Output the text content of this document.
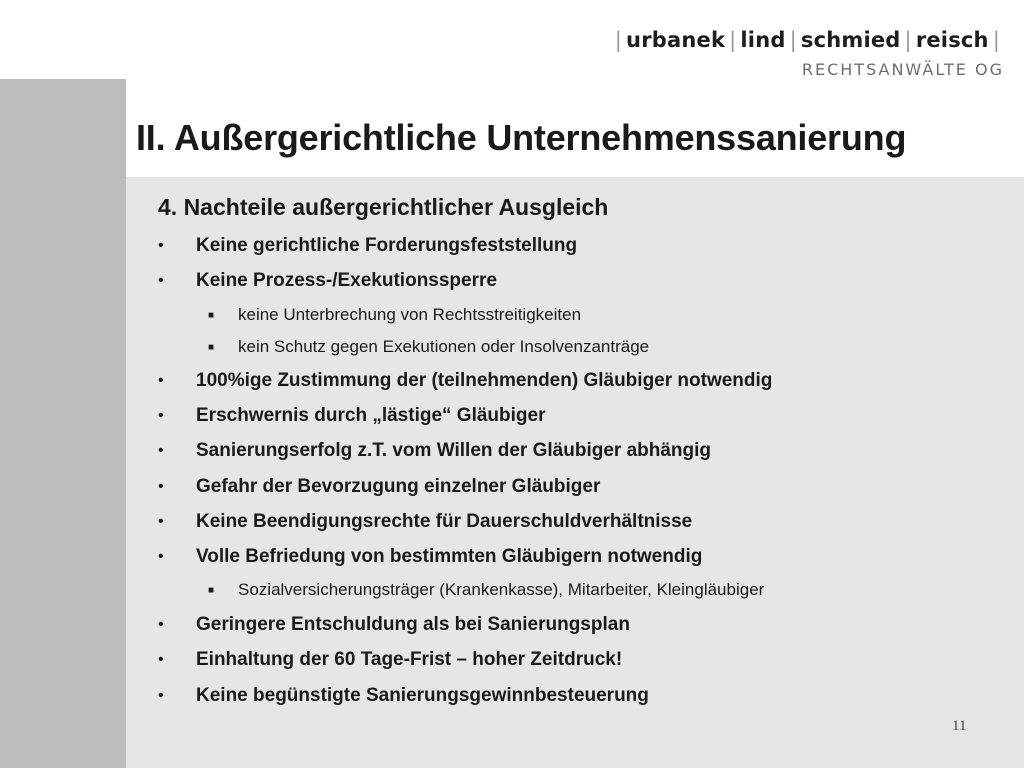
| urbanek | lind | schmied | reisch |
RECHTSANWÄLTE OG
II. Außergerichtliche Unternehmenssanierung
4. Nachteile außergerichtlicher Ausgleich
•	Keine gerichtliche Forderungsfeststellung
•	Keine Prozess-/Exekutionssperre
■	keine Unterbrechung von Rechtsstreitigkeiten
■	kein Schutz gegen Exekutionen oder Insolvenzanträge
•	100%ige Zustimmung der (teilnehmenden) Gläubiger notwendig
•	Erschwernis durch „lästige“ Gläubiger
•	Sanierungserfolg z.T. vom Willen der Gläubiger abhängig
•	Gefahr der Bevorzugung einzelner Gläubiger
•	Keine Beendigungsrechte für Dauerschuldverhältnisse
•	Volle Befriedung von bestimmten Gläubigern notwendig
■	Sozialversicherungsträger (Krankenkasse), Mitarbeiter, Kleingläubiger
•	Geringere Entschuldung als bei Sanierungsplan
•	Einhaltung der 60 Tage-Frist – hoher Zeitdruck!
•	Keine begünstigte Sanierungsgewinnbesteuerung
11
